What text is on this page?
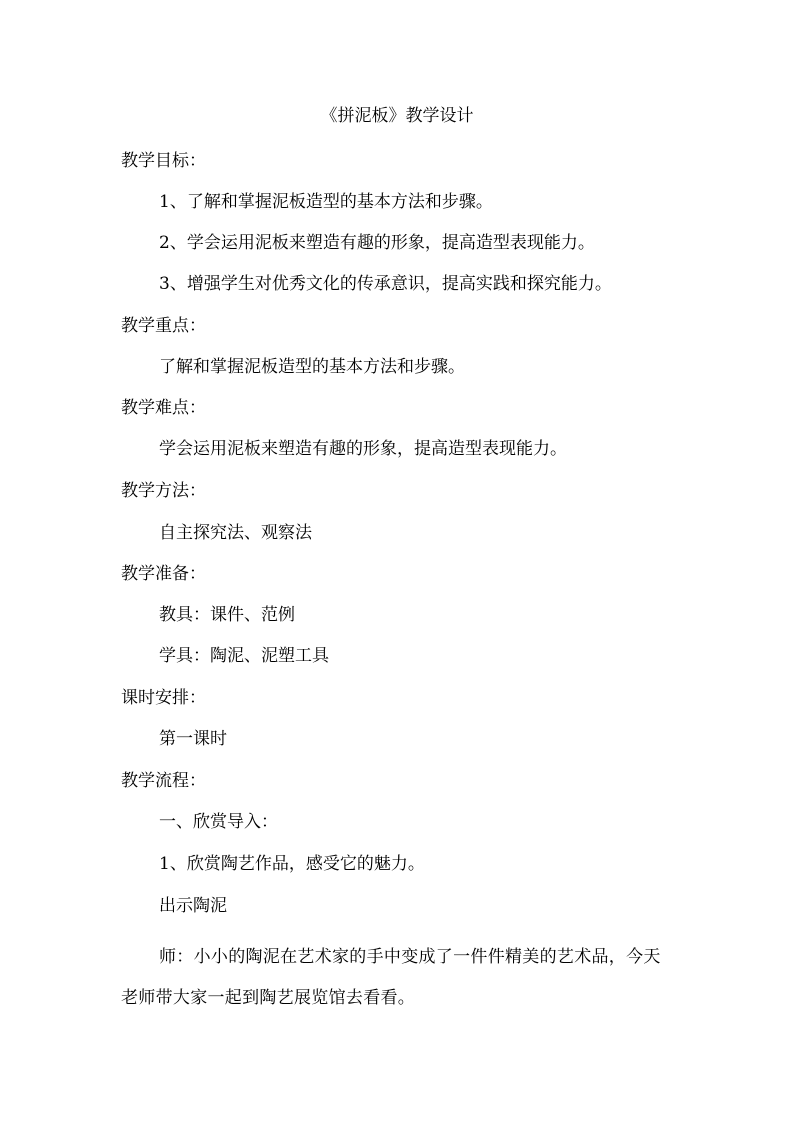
《拼泥板》教学设计
教学目标：
1、了解和掌握泥板造型的基本方法和步骤。
2、学会运用泥板来塑造有趣的形象，提高造型表现能力。
3、增强学生对优秀文化的传承意识，提高实践和探究能力。
教学重点：
了解和掌握泥板造型的基本方法和步骤。
教学难点：
学会运用泥板来塑造有趣的形象，提高造型表现能力。
教学方法：
自主探究法、观察法
教学准备：
教具：课件、范例
学具：陶泥、泥塑工具
课时安排：
第一课时
教学流程：
一、欣赏导入：
1、欣赏陶艺作品，感受它的魅力。
出示陶泥
师：小小的陶泥在艺术家的手中变成了一件件精美的艺术品，今天老师带大家一起到陶艺展览馆去看看。
